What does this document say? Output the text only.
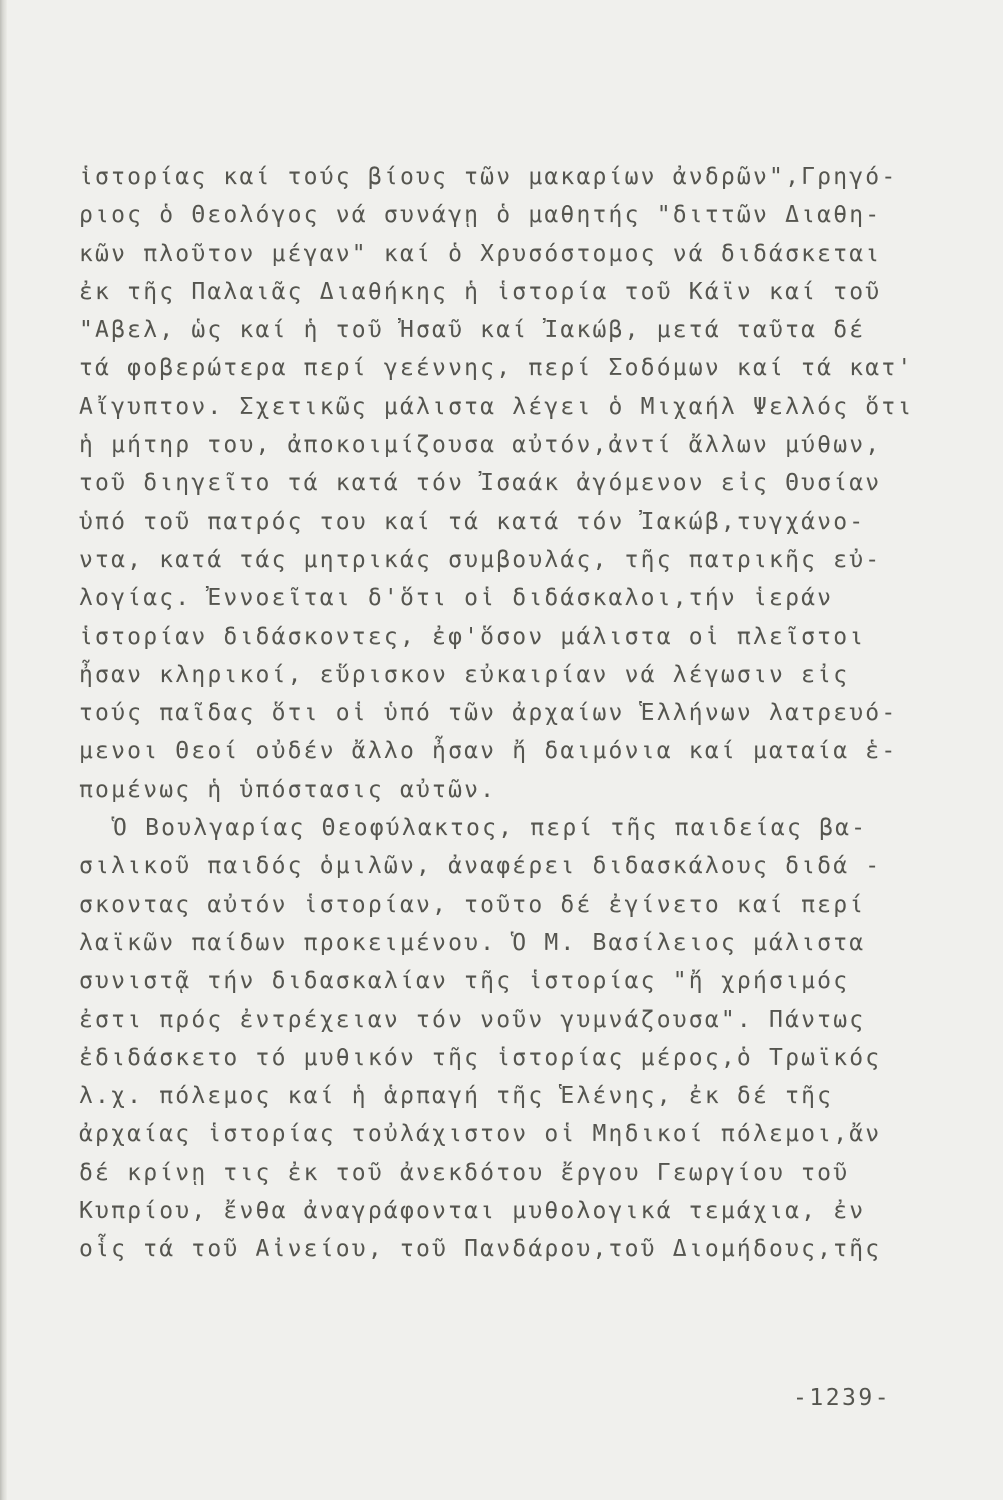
ἱστορίας καί τούς βίους τῶν μακαρίων ἀνδρῶν",Γρηγό-
ριος ὁ Θεολόγος νά συνάγῃ ὁ μαθητής "διττῶν Διαθη-
κῶν πλοῦτον μέγαν" καί ὁ Χρυσόστομος νά διδάσκεται
ἐκ τῆς Παλαιᾶς Διαθήκης ἡ ἱστορία τοῦ Κάϊν καί τοῦ
"Αβελ, ὡς καί ἡ τοῦ Ἠσαῦ καί Ἰακώβ, μετά ταῦτα δέ
τά φοβερώτερα περί γεέννης, περί Σοδόμων καί τά κατ'
Αἴγυπτον. Σχετικῶς μάλιστα λέγει ὁ Μιχαήλ Ψελλός ὅτι
ἡ μήτηρ του, ἀποκοιμίζουσα αὐτόν,ἀντί ἄλλων μύθων,
τοῦ διηγεῖτο τά κατά τόν Ἰσαάκ ἀγόμενον εἰς Θυσίαν
ὑπό τοῦ πατρός του καί τά κατά τόν Ἰακώβ,τυγχάνο-
ντα, κατά τάς μητρικάς συμβουλάς, τῆς πατρικῆς εὐ-
λογίας. Ἐννοεῖται δ'ὅτι οἱ διδάσκαλοι,τήν ἱεράν
ἱστορίαν διδάσκοντες, ἐφ'ὅσον μάλιστα οἱ πλεῖστοι
ἦσαν κληρικοί, εὕρισκον εὐκαιρίαν νά λέγωσιν εἰς
τούς παῖδας ὅτι οἱ ὑπό τῶν ἀρχαίων Ἑλλήνων λατρευό-
μενοι Θεοί οὐδέν ἄλλο ἦσαν ἤ δαιμόνια καί ματαία ἑ-
πομένως ἡ ὑπόστασις αὐτῶν.
Ὁ Βουλγαρίας Θεοφύλακτος, περί τῆς παιδείας βα-
σιλικοῦ παιδός ὁμιλῶν, ἀναφέρει διδασκάλους διδά -
σκοντας αὐτόν ἱστορίαν, τοῦτο δέ ἐγίνετο καί περί
λαϊκῶν παίδων προκειμένου. Ὁ Μ. Βασίλειος μάλιστα
συνιστᾷ τήν διδασκαλίαν τῆς ἱστορίας "ἤ χρήσιμός
ἐστι πρός ἐντρέχειαν τόν νοῦν γυμνάζουσα". Πάντως
ἐδιδάσκετο τό μυθικόν τῆς ἱστορίας μέρος,ὁ Τρωϊκός
λ.χ. πόλεμος καί ἡ ἁρπαγή τῆς Ἑλένης, ἐκ δέ τῆς
ἀρχαίας ἱστορίας τοὐλάχιστον οἱ Μηδικοί πόλεμοι,ἄν
δέ κρίνῃ τις ἐκ τοῦ ἀνεκδότου ἔργου Γεωργίου τοῦ
Κυπρίου, ἔνθα ἀναγράφονται μυθολογικά τεμάχια, ἐν
οἷς τά τοῦ Αἰνείου, τοῦ Πανδάρου,τοῦ Διομήδους,τῆς
-1239-
